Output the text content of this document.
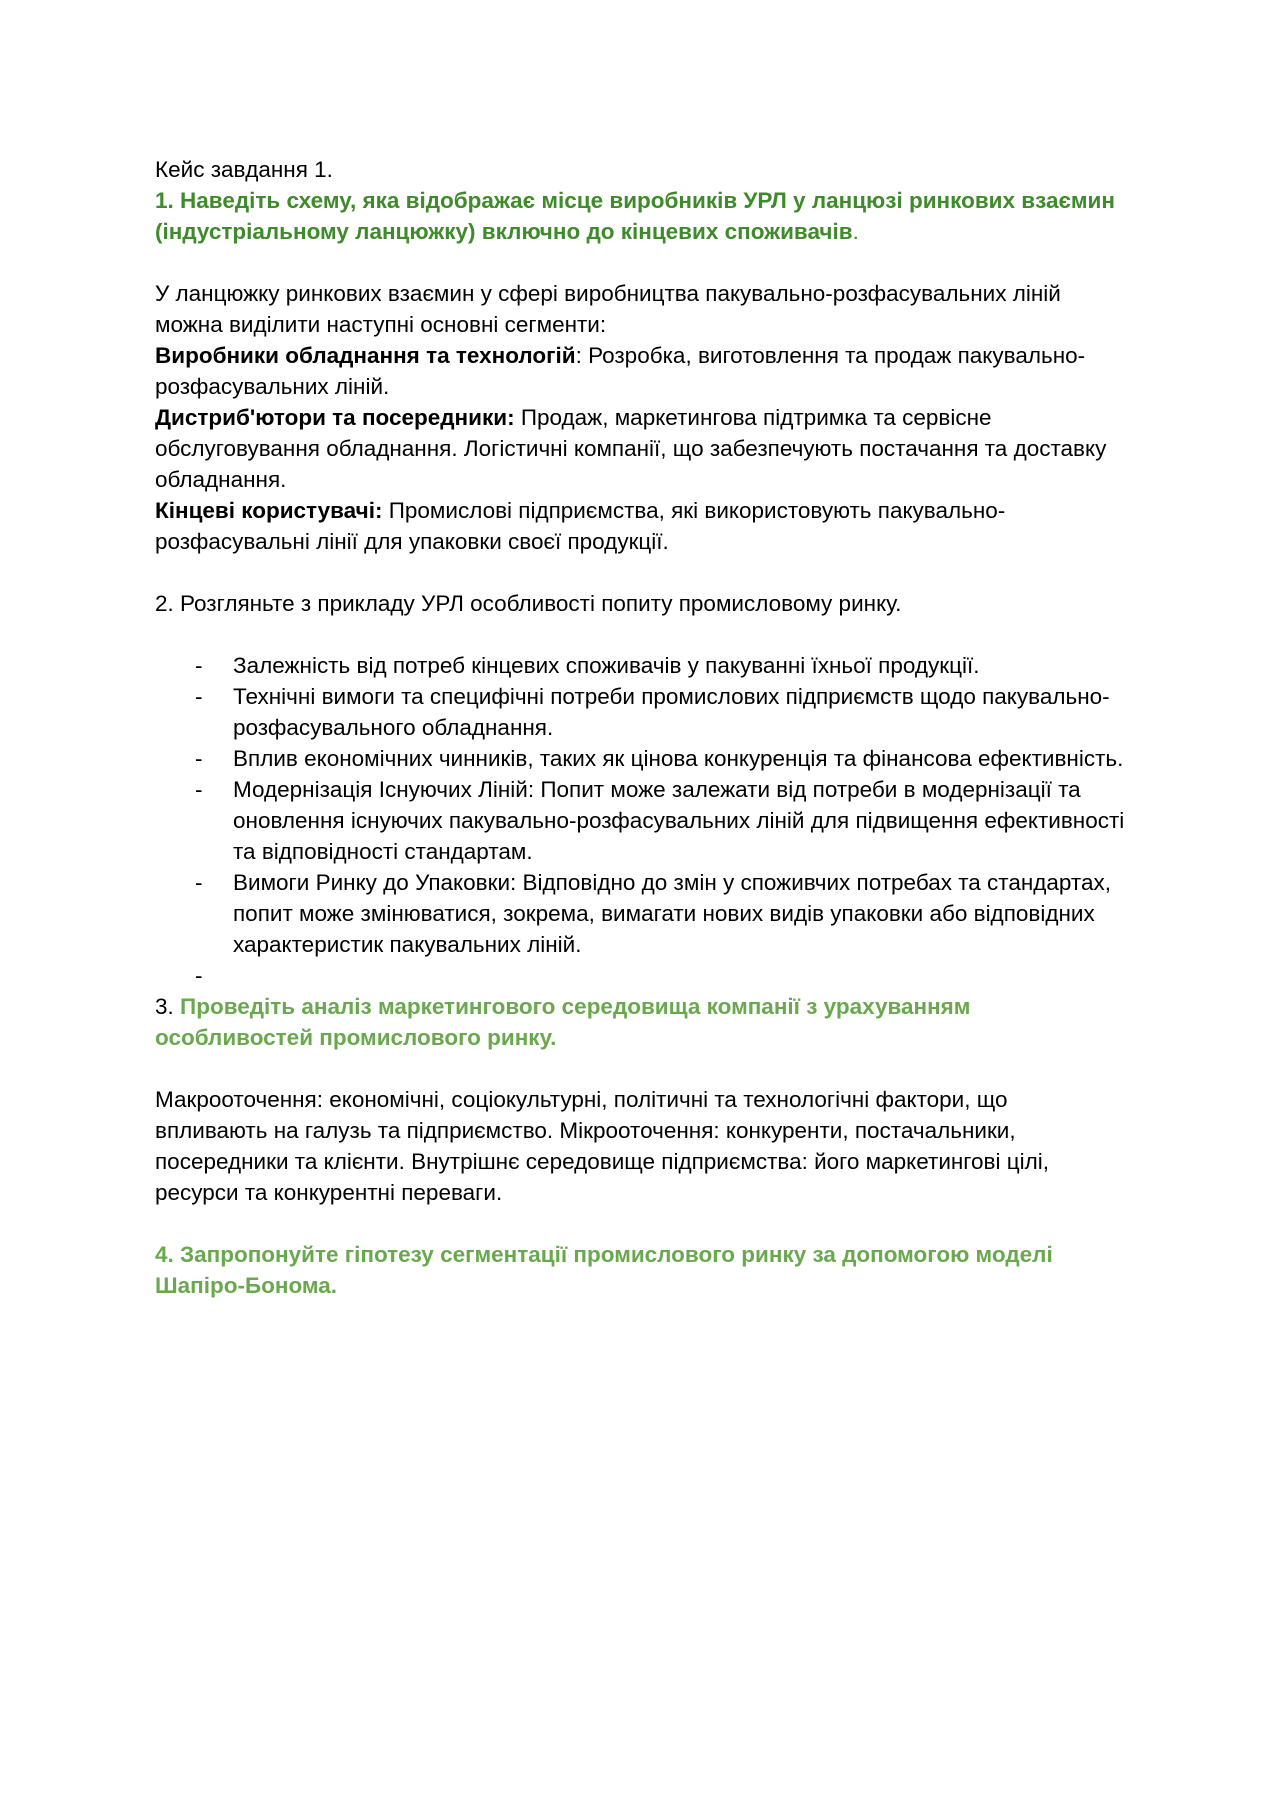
Кейс завдання 1.
1. Наведіть схему, яка відображає місце виробників УРЛ у ланцюзі ринкових взаємин (індустріальному ланцюжку) включно до кінцевих споживачів.
У ланцюжку ринкових взаємин у сфері виробництва пакувально-розфасувальних ліній можна виділити наступні основні сегменти:
Виробники обладнання та технологій: Розробка, виготовлення та продаж пакувально-розфасувальних ліній.
Дистриб'ютори та посередники: Продаж, маркетингова підтримка та сервісне обслуговування обладнання. Логістичні компанії, що забезпечують постачання та доставку обладнання.
Кінцеві користувачі: Промислові підприємства, які використовують пакувально-розфасувальні лінії для упаковки своєї продукції.
2. Розгляньте з прикладу УРЛ особливості попиту промисловому ринку.
- Залежність від потреб кінцевих споживачів у пакуванні їхньої продукції.
- Технічні вимоги та специфічні потреби промислових підприємств щодо пакувально-розфасувального обладнання.
- Вплив економічних чинників, таких як цінова конкуренція та фінансова ефективність.
- Модернізація Існуючих Ліній: Попит може залежати від потреби в модернізації та оновлення існуючих пакувально-розфасувальних ліній для підвищення ефективності та відповідності стандартам.
- Вимоги Ринку до Упаковки: Відповідно до змін у споживчих потребах та стандартах, попит може змінюватися, зокрема, вимагати нових видів упаковки або відповідних характеристик пакувальних ліній.
-
3. Проведіть аналіз маркетингового середовища компанії з урахуванням особливостей промислового ринку.
Макрооточення: економічні, соціокультурні, політичні та технологічні фактори, що впливають на галузь та підприємство. Мікрооточення: конкуренти, постачальники, посередники та клієнти. Внутрішнє середовище підприємства: його маркетингові цілі, ресурси та конкурентні переваги.
4. Запропонуйте гіпотезу сегментації промислового ринку за допомогою моделі Шапіро-Бонома.
